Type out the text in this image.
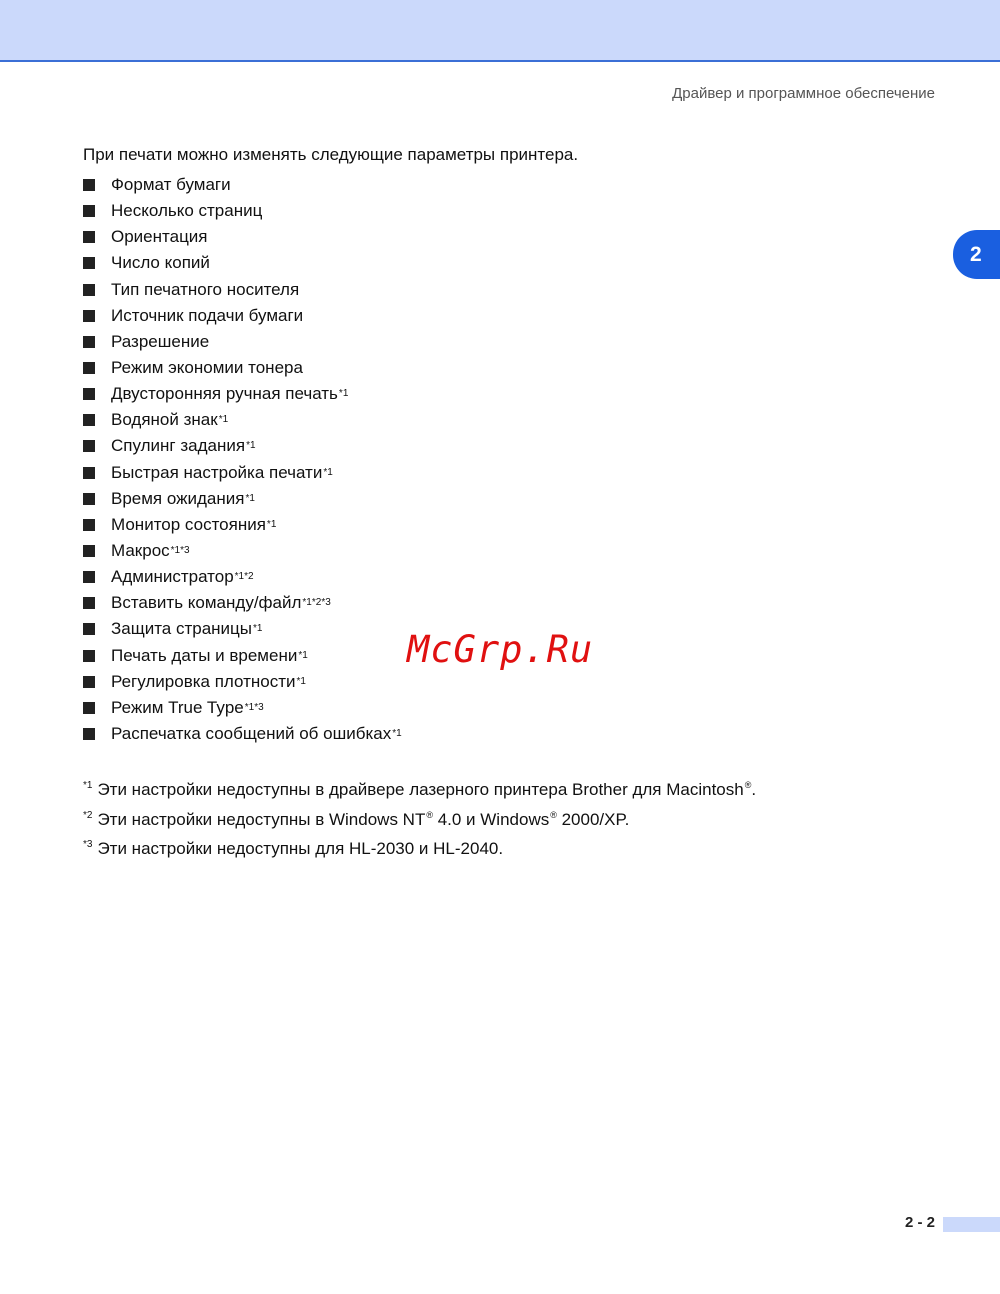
Драйвер и программное обеспечение
2
При печати можно изменять следующие параметры принтера.
Формат бумаги
Несколько страниц
Ориентация
Число копий
Тип печатного носителя
Источник подачи бумаги
Разрешение
Режим экономии тонера
Двусторонняя ручная печать *1
Водяной знак *1
Спулинг задания *1
Быстрая настройка печати *1
Время ожидания *1
Монитор состояния *1
Макрос *1*3
Администратор *1*2
Вставить команду/файл *1*2*3
Защита страницы *1
Печать даты и времени *1
Регулировка плотности *1
Режим True Type *1*3
Распечатка сообщений об ошибках *1
*1 Эти настройки недоступны в драйвере лазерного принтера Brother для Macintosh®.
*2 Эти настройки недоступны в Windows NT® 4.0 и Windows® 2000/XP.
*3 Эти настройки недоступны для HL-2030 и HL-2040.
McGrp.Ru
2 - 2
